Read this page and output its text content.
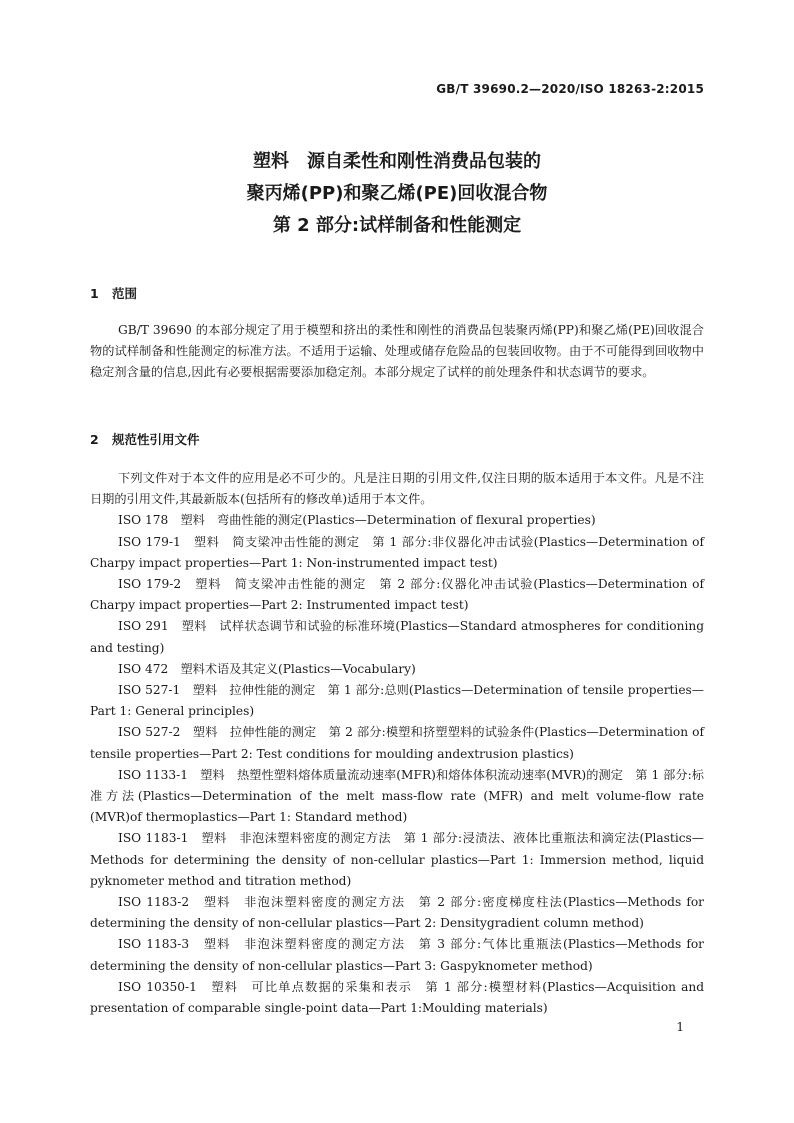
GB/T 39690.2—2020/ISO 18263-2:2015
塑料　源自柔性和刚性消费品包装的
聚丙烯(PP)和聚乙烯(PE)回收混合物
第 2 部分:试样制备和性能测定
1 范围

GB/T 39690 的本部分规定了用于模塑和挤出的柔性和刚性的消费品包装聚丙烯(PP)和聚乙烯(PE)回收混合物的试样制备和性能测定的标准方法。不适用于运输、处理或储存危险品的包装回收物。由于不可能得到回收物中稳定剂含量的信息,因此有必要根据需要添加稳定剂。本部分规定了试样的前处理条件和状态调节的要求。

2 规范性引用文件

下列文件对于本文件的应用是必不可少的。凡是注日期的引用文件,仅注日期的版本适用于本文件。凡是不注日期的引用文件,其最新版本(包括所有的修改单)适用于本文件。

ISO 178　塑料　弯曲性能的测定(Plastics—Determination of flexural properties)

ISO 179-1　塑料　简支梁冲击性能的测定　第 1 部分:非仪器化冲击试验(Plastics—Determination of Charpy impact properties—Part 1: Non-instrumented impact test)

ISO 179-2　塑料　简支梁冲击性能的测定　第 2 部分:仪器化冲击试验(Plastics—Determination of Charpy impact properties—Part 2: Instrumented impact test)

ISO 291　塑料　试样状态调节和试验的标准环境(Plastics—Standard atmospheres for conditioning and testing)

ISO 472　塑料术语及其定义(Plastics—Vocabulary)

ISO 527-1　塑料　拉伸性能的测定　第 1 部分:总则(Plastics—Determination of tensile properties—Part 1: General principles)

ISO 527-2　塑料　拉伸性能的测定　第 2 部分:模塑和挤塑塑料的试验条件(Plastics—Determination of tensile properties—Part 2: Test conditions for moulding andextrusion plastics)

ISO 1133-1　塑料　热塑性塑料熔体质量流动速率(MFR)和熔体体积流动速率(MVR)的测定　第 1 部分:标准方法(Plastics—Determination of the melt mass-flow rate (MFR) and melt volume-flow rate (MVR)of thermoplastics—Part 1: Standard method)

ISO 1183-1　塑料　非泡沫塑料密度的测定方法　第 1 部分:浸渍法、液体比重瓶法和滴定法(Plastics—Methods for determining the density of non-cellular plastics—Part 1: Immersion method, liquid pyknometer method and titration method)

ISO 1183-2　塑料　非泡沫塑料密度的测定方法　第 2 部分:密度梯度柱法(Plastics—Methods for determining the density of non-cellular plastics—Part 2: Densitygradient column method)

ISO 1183-3　塑料　非泡沫塑料密度的测定方法　第 3 部分:气体比重瓶法(Plastics—Methods for determining the density of non-cellular plastics—Part 3: Gaspyknometer method)

ISO 10350-1　塑料　可比单点数据的采集和表示　第 1 部分:模塑材料(Plastics—Acquisition and presentation of comparable single-point data—Part 1:Moulding materials)

1
